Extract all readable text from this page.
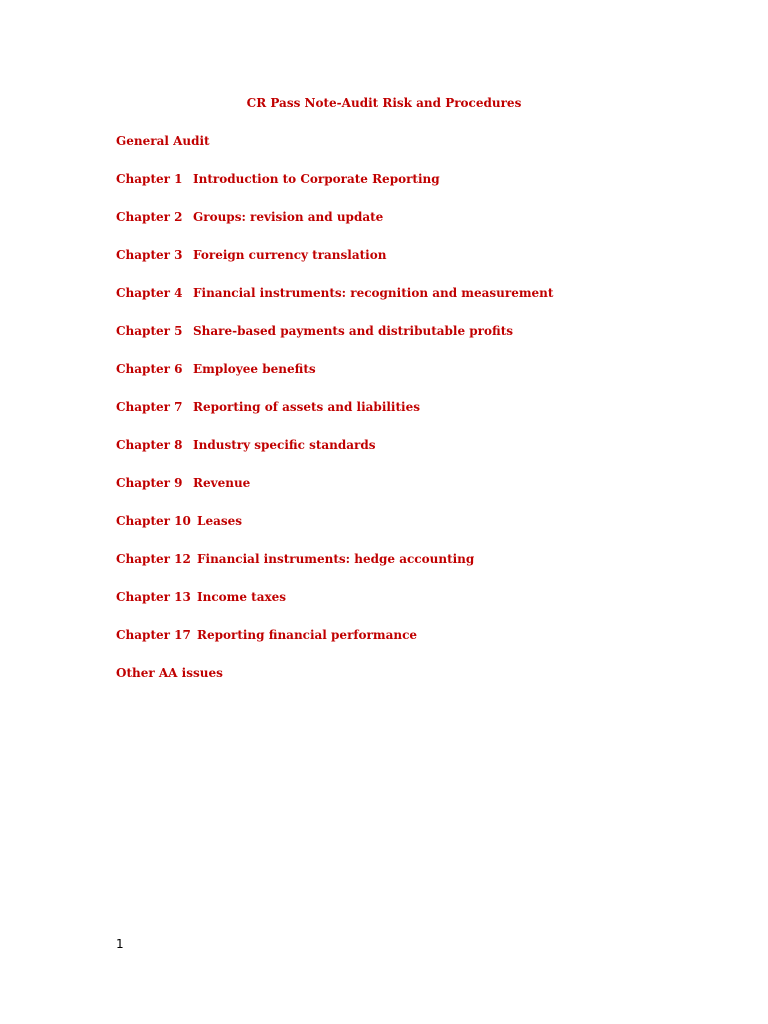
CR Pass Note-Audit Risk and Procedures
General Audit
Chapter 1 Introduction to Corporate Reporting
Chapter 2 Groups: revision and update
Chapter 3 Foreign currency translation
Chapter 4 Financial instruments: recognition and measurement
Chapter 5 Share-based payments and distributable profits
Chapter 6 Employee benefits
Chapter 7 Reporting of assets and liabilities
Chapter 8 Industry specific standards
Chapter 9 Revenue
Chapter 10 Leases
Chapter 12 Financial instruments: hedge accounting
Chapter 13 Income taxes
Chapter 17 Reporting financial performance
Other AA issues
1
